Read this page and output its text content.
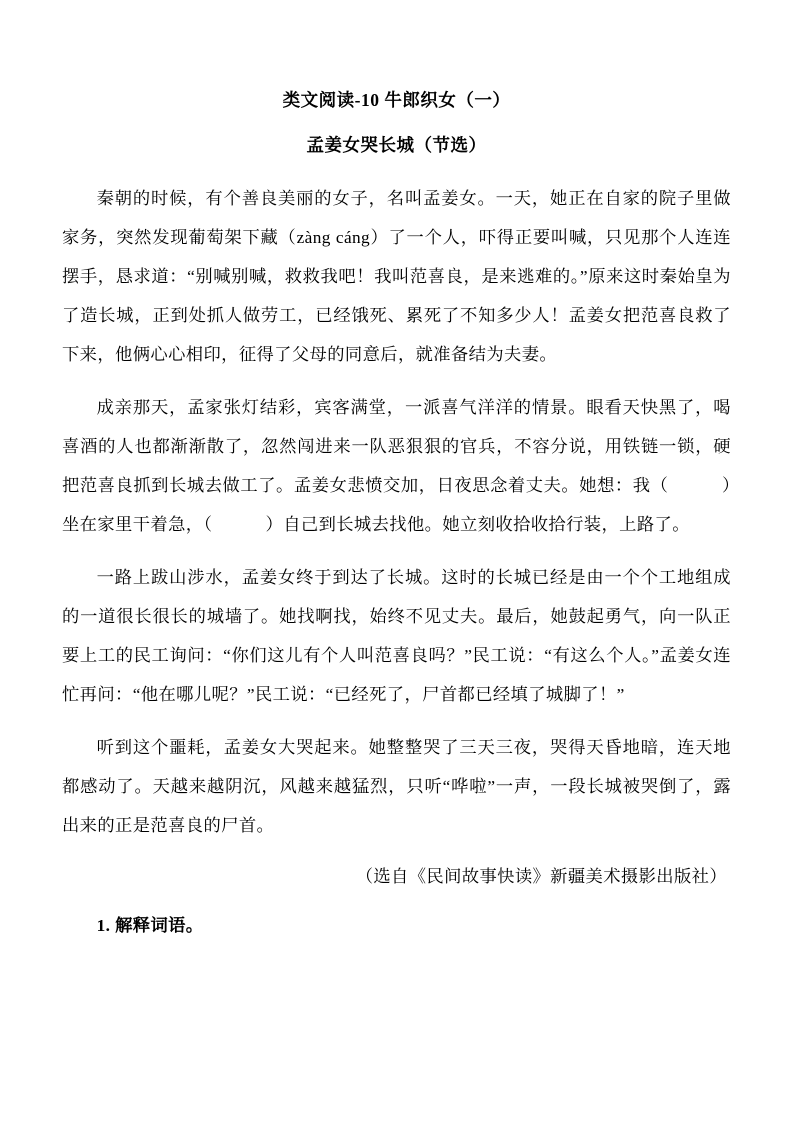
类文阅读-10 牛郎织女（一）
孟姜女哭长城（节选）

秦朝的时候，有个善良美丽的女子，名叫孟姜女。一天，她正在自家的院子里做家务，突然发现葡萄架下藏（zàng cáng）了一个人，吓得正要叫喊，只见那个人连连摆手，恳求道：“别喊别喊，救救我吧！我叫范喜良，是来逃难的。”原来这时秦始皇为了造长城，正到处抓人做劳工，已经饿死、累死了不知多少人！孟姜女把范喜良救了下来，他俩心心相印，征得了父母的同意后，就准备结为夫妻。

成亲那天，孟家张灯结彩，宾客满堂，一派喜气洋洋的情景。眼看天快黑了，喝喜酒的人也都渐渐散了，忽然闯进来一队恶狠狠的官兵，不容分说，用铁链一锁，硬把范喜良抓到长城去做工了。孟姜女悲愤交加，日夜思念着丈夫。她想：我（　　　）坐在家里干着急，（　　　）自己到长城去找他。她立刻收拾收拾行装，上路了。

一路上跋山涉水，孟姜女终于到达了长城。这时的长城已经是由一个个工地组成的一道很长很长的城墙了。她找啊找，始终不见丈夫。最后，她鼓起勇气，向一队正要上工的民工询问：“你们这儿有个人叫范喜良吗？”民工说：“有这么个人。”孟姜女连忙再问：“他在哪儿呢？”民工说：“已经死了，尸首都已经填了城脚了！”

听到这个噩耗，孟姜女大哭起来。她整整哭了三天三夜，哭得天昏地暗，连天地都感动了。天越来越阴沉，风越来越猛烈，只听“哗啦”一声，一段长城被哭倒了，露出来的正是范喜良的尸首。

（选自《民间故事快读》新疆美术摄影出版社）
1. 解释词语。
